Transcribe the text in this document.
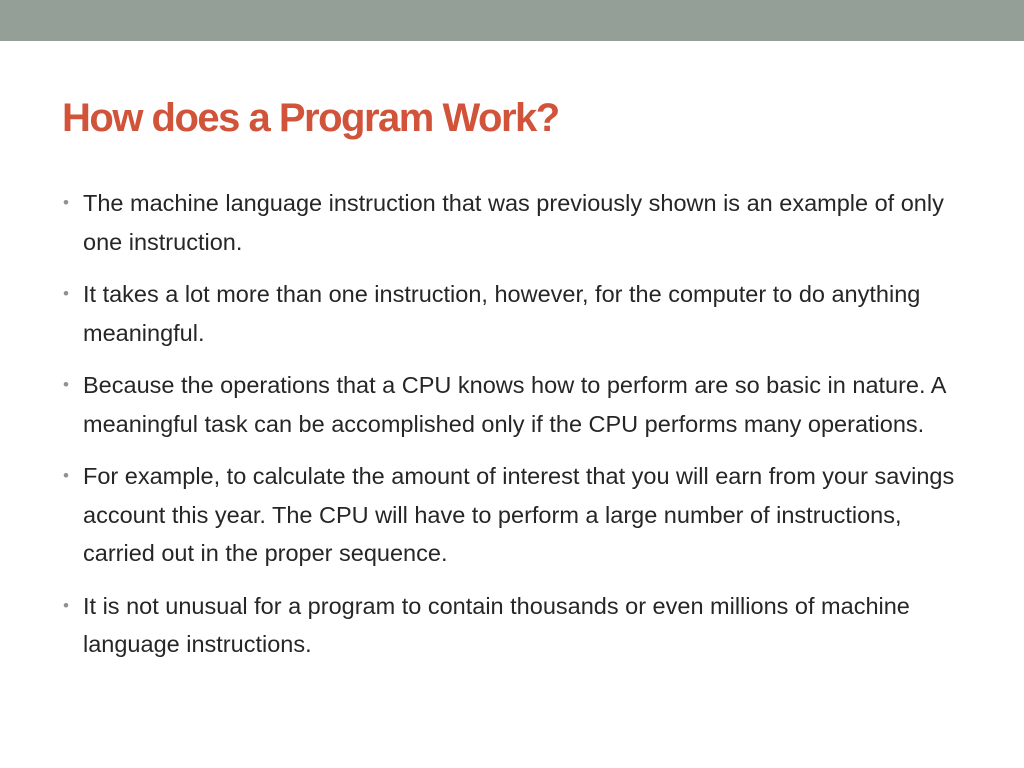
How does a Program Work?
• The machine language instruction that was previously shown is an example of only one instruction.
• It takes a lot more than one instruction, however, for the computer to do anything meaningful.
• Because the operations that a CPU knows how to perform are so basic in nature. A meaningful task can be accomplished only if the CPU performs many operations.
• For example, to calculate the amount of interest that you will earn from your savings account this year. The CPU will have to perform a large number of instructions, carried out in the proper sequence.
• It is not unusual for a program to contain thousands or even millions of machine language instructions.
